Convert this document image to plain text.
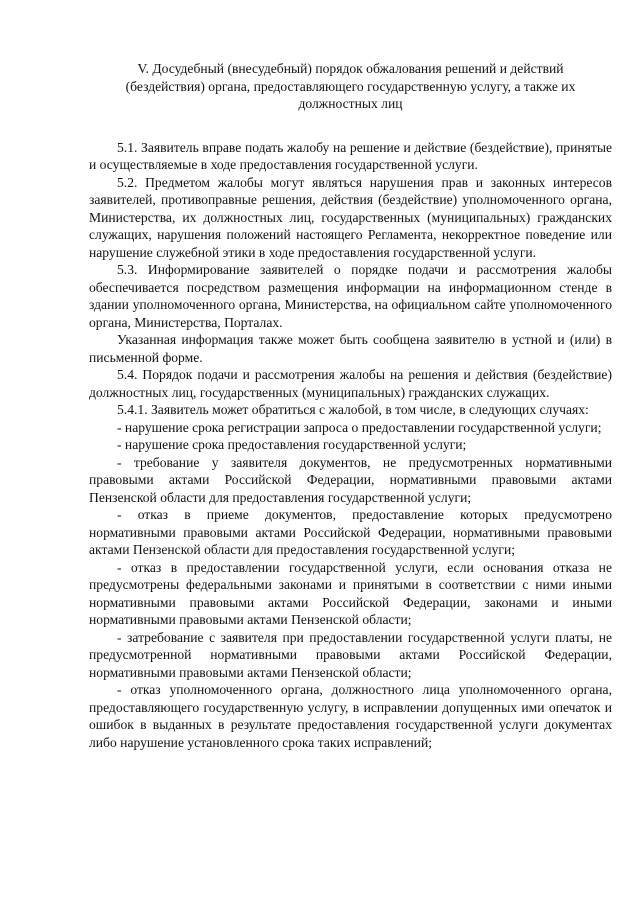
V. Досудебный (внесудебный) порядок обжалования решений и действий
(бездействия) органа, предоставляющего государственную услугу, а также их
должностных лиц

5.1. Заявитель вправе подать жалобу на решение и действие (бездействие), принятые и осуществляемые в ходе предоставления государственной услуги.

5.2. Предметом жалобы могут являться нарушения прав и законных интересов заявителей, противоправные решения, действия (бездействие) уполномоченного органа, Министерства, их должностных лиц, государственных (муниципальных) гражданских служащих, нарушения положений настоящего Регламента, некорректное поведение или нарушение служебной этики в ходе предоставления государственной услуги.

5.3. Информирование заявителей о порядке подачи и рассмотрения жалобы обеспечивается посредством размещения информации на информационном стенде в здании уполномоченного органа, Министерства, на официальном сайте уполномоченного органа, Министерства, Порталах.

Указанная информация также может быть сообщена заявителю в устной и (или) в письменной форме.

5.4. Порядок подачи и рассмотрения жалобы на решения и действия (бездействие) должностных лиц, государственных (муниципальных) гражданских служащих.

5.4.1. Заявитель может обратиться с жалобой, в том числе, в следующих случаях:

- нарушение срока регистрации запроса о предоставлении государственной услуги;

- нарушение срока предоставления государственной услуги;

- требование у заявителя документов, не предусмотренных нормативными правовыми актами Российской Федерации, нормативными правовыми актами Пензенской области для предоставления государственной услуги;

- отказ в приеме документов, предоставление которых предусмотрено нормативными правовыми актами Российской Федерации, нормативными правовыми актами Пензенской области для предоставления государственной услуги;

- отказ в предоставлении государственной услуги, если основания отказа не предусмотрены федеральными законами и принятыми в соответствии с ними иными нормативными правовыми актами Российской Федерации, законами и иными нормативными правовыми актами Пензенской области;

- затребование с заявителя при предоставлении государственной услуги платы, не предусмотренной нормативными правовыми актами Российской Федерации, нормативными правовыми актами Пензенской области;

- отказ уполномоченного органа, должностного лица уполномоченного органа, предоставляющего государственную услугу, в исправлении допущенных ими опечаток и ошибок в выданных в результате предоставления государственной услуги документах либо нарушение установленного срока таких исправлений;
